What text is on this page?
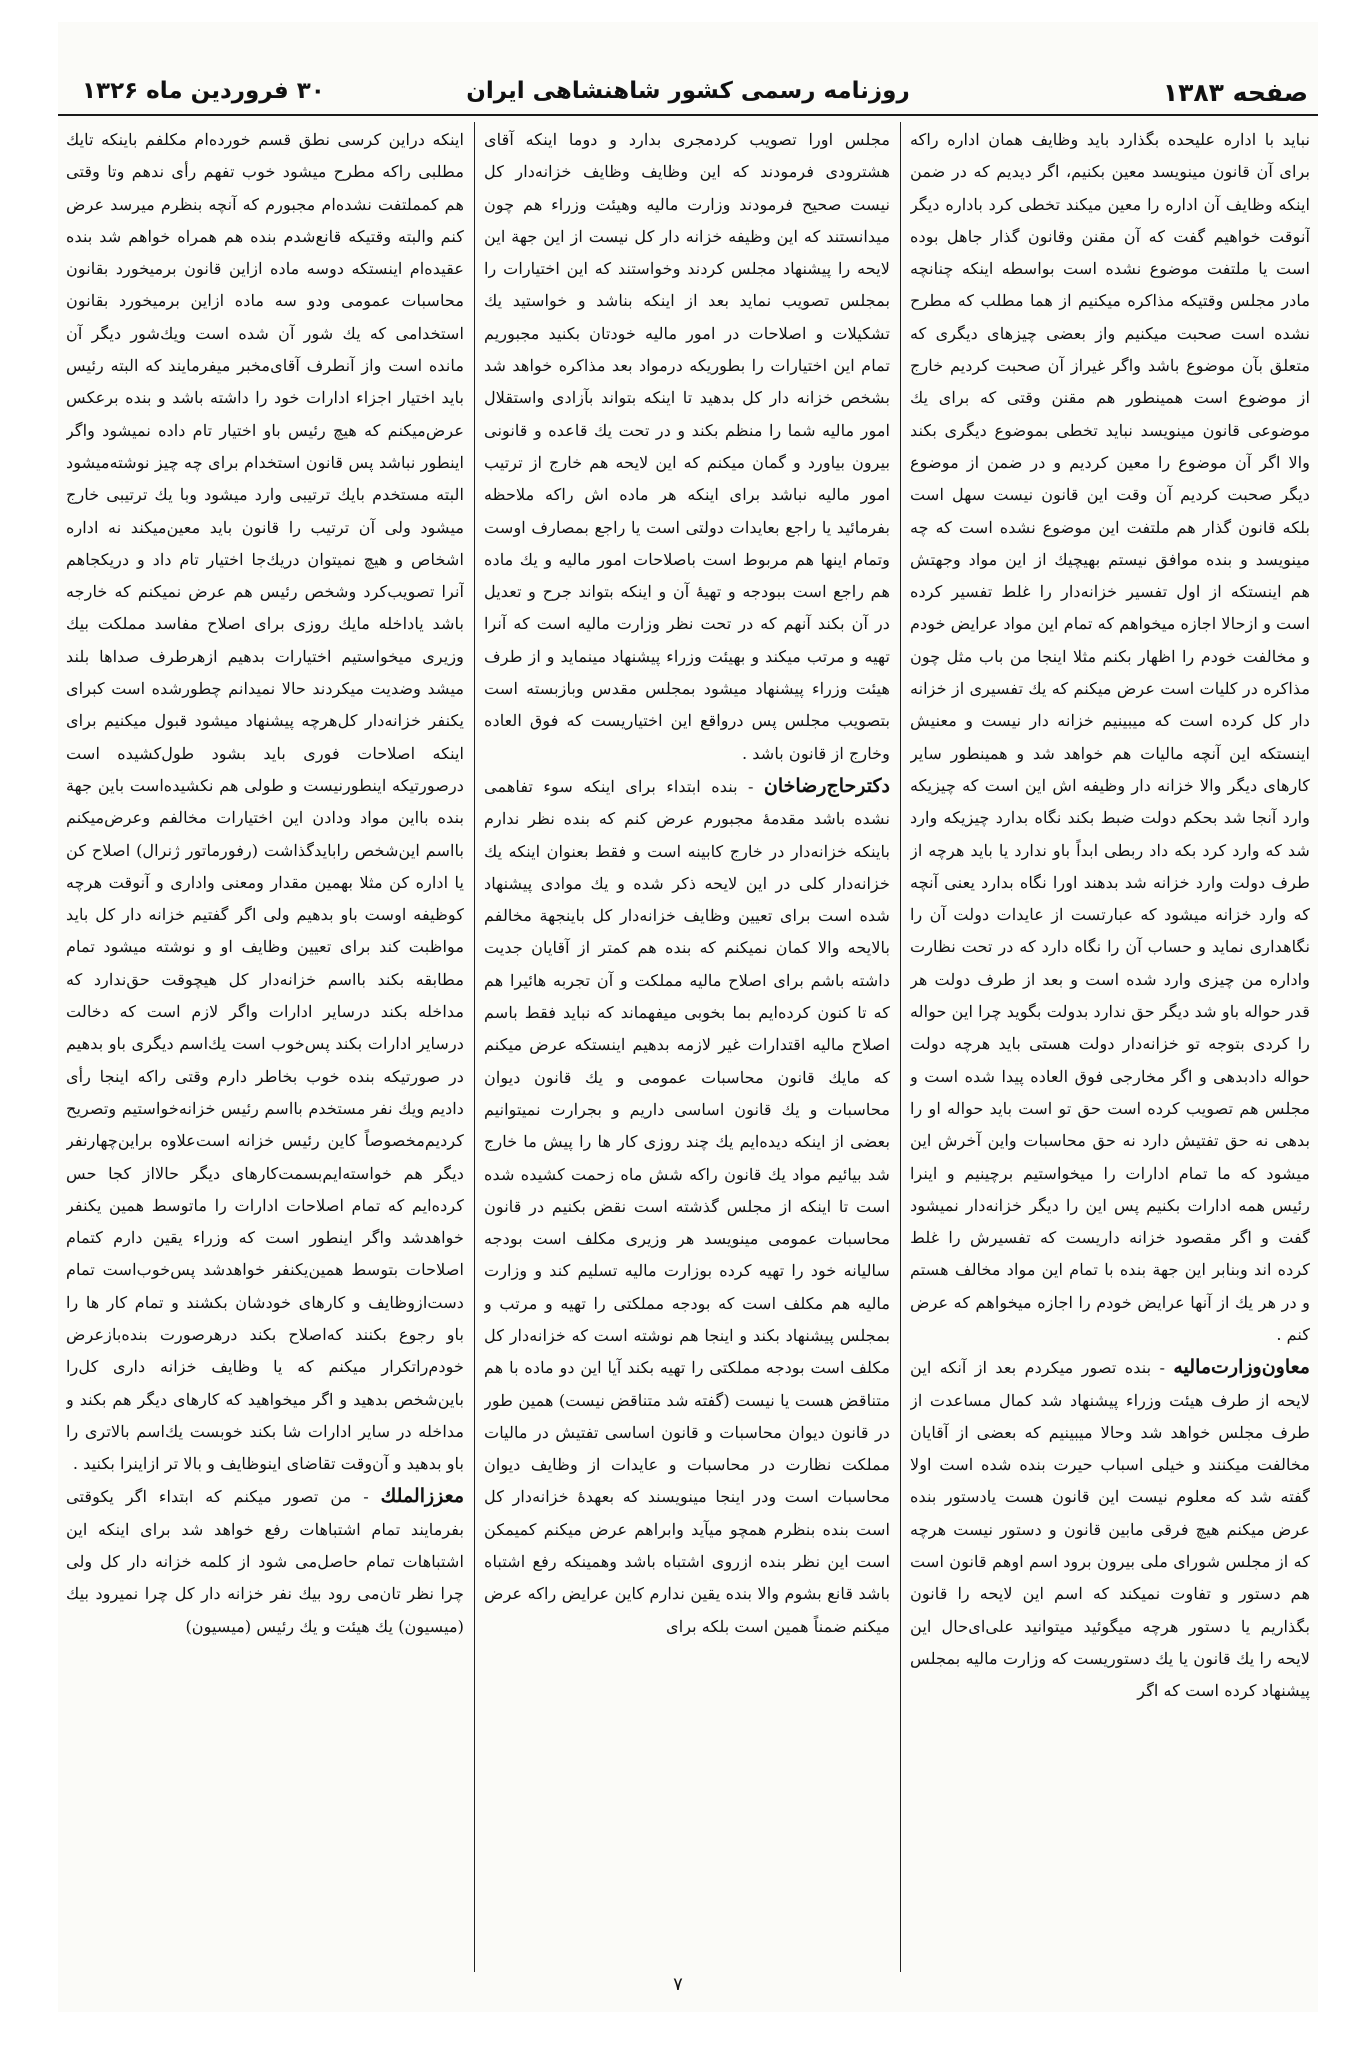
صفحه ۱۳۸۳
روزنامه رسمی کشور شاهنشاهی ایران
۳۰ فروردین ماه ۱۳۲۶

نباید با اداره علیحده بگذارد باید وظایف همان اداره راکه برای آن قانون مینویسد معین بکنیم، اگر دیدیم که در ضمن اینکه وظایف آن اداره را معین میکند تخطی کرد باداره دیگر آنوقت خواهیم گفت که آن مقنن وقانون گذار جاهل بوده است یا ملتفت موضوع نشده است بواسطه اینکه چنانچه مادر مجلس وقتیکه مذاکره میکنیم از هما مطلب که مطرح نشده است صحبت میکنیم واز بعضی چیزهای دیگری که متعلق بآن موضوع باشد واگر غیراز آن صحبت کردیم خارج از موضوع است همینطور هم مقنن وقتی که برای یك موضوعی قانون مینویسد نباید تخطی بموضوع دیگری بکند والا اگر آن موضوع را معین کردیم و در ضمن از موضوع دیگر صحبت کردیم آن وقت این قانون نیست سهل است بلکه قانون گذار هم ملتفت این موضوع نشده است که چه مینویسد و بنده موافق نیستم بهیچیك از این مواد وجهتش هم اینستکه از اول تفسیر خزانه‌دار را غلط تفسیر کرده است و ازحالا اجازه میخواهم که تمام این مواد عرایض خودم و مخالفت خودم را اظهار بکنم مثلا اینجا من باب مثل چون مذاکره در کلیات است عرض میکنم که یك تفسیری از خزانه دار کل کرده است که میبینیم خزانه دار نیست و معنیش اینستکه این آنچه مالیات هم خواهد شد و همینطور سایر کارهای دیگر والا خزانه دار وظیفه اش این است که چیزیکه وارد آنجا شد بحکم دولت ضبط بکند نگاه بدارد چیزیکه وارد شد که وارد کرد بکه داد ربطی ابداً باو ندارد یا باید هرچه از طرف دولت وارد خزانه شد بدهند اورا نگاه بدارد یعنی آنچه که وارد خزانه میشود که عبارتست از عایدات دولت آن را نگاهداری نماید و حساب آن را نگاه دارد که در تحت نظارت واداره من چیزی وارد شده است و بعد از طرف دولت هر قدر حواله باو شد دیگر حق ندارد بدولت بگوید چرا این حواله را کردی بتوجه تو خزانه‌دار دولت هستی باید هرچه دولت حواله دادبدهی و اگر مخارجی فوق العاده پیدا شده است و مجلس هم تصویب کرده است حق تو است باید حواله او را بدهی نه حق تفتیش دارد نه حق محاسبات واین آخرش این میشود که ما تمام ادارات را میخواستیم برچینیم و اینرا رئیس همه ادارات بکنیم پس این را دیگر خزانه‌دار نمیشود گفت و اگر مقصود خزانه داریست که تفسیرش را غلط کرده اند وبنابر این جهة بنده با تمام این مواد مخالف هستم و در هر یك از آنها عرایض خودم را اجازه میخواهم که عرض کنم .

معاون‌وزارت‌مالیه - بنده تصور میکردم بعد از آنکه این لایحه از طرف هیئت وزراء پیشنهاد شد کمال مساعدت از طرف مجلس خواهد شد وحالا میبینیم که بعضی از آقایان مخالفت میکنند و خیلی اسباب حیرت بنده شده است اولا گفته شد که معلوم نیست این قانون هست یادستور بنده عرض میکنم هیچ فرقی مابین قانون و دستور نیست هرچه که از مجلس شورای ملی بیرون برود اسم اوهم قانون است هم دستور و تفاوت نمیکند که اسم این لایحه را قانون بگذاریم یا دستور هرچه میگوئید میتوانید علی‌ای‌حال این لایحه را یك قانون یا یك دستوریست که وزارت مالیه بمجلس پیشنهاد کرده است که اگر

مجلس اورا تصویب کردمجری بدارد و دوما اینکه آقای هشترودی فرمودند که این وظایف وظایف خزانه‌دار کل نیست صحیح فرمودند وزارت مالیه وهیئت وزراء هم چون میدانستند که این وظیفه خزانه دار کل نیست از این جهة این لایحه را پیشنهاد مجلس کردند وخواستند که این اختیارات را بمجلس تصویب نماید بعد از اینکه بناشد و خواستید یك تشکیلات و اصلاحات در امور مالیه خودتان بکنید مجبوریم تمام این اختیارات را بطوریکه درمواد بعد مذاکره خواهد شد بشخص خزانه دار کل بدهید تا اینکه بتواند بآزادی واستقلال امور مالیه شما را منظم بکند و در تحت یك قاعده و قانونی بیرون بیاورد و گمان میکنم که این لایحه هم خارج از ترتیب امور مالیه نباشد برای اینکه هر ماده اش راکه ملاحظه بفرمائید یا راجع بعایدات دولتی است یا راجع بمصارف اوست وتمام اینها هم مربوط است باصلاحات امور مالیه و یك ماده هم راجع است ببودجه و تهیهٔ آن و اینکه بتواند جرح و تعدیل در آن بکند آنهم که در تحت نظر وزارت مالیه است که آنرا تهیه و مرتب میکند و بهیئت وزراء پیشنهاد مینماید و از طرف هیئت وزراء پیشنهاد میشود بمجلس مقدس وبازبسته است بتصویب مجلس پس درواقع این اختیاریست که فوق العاده وخارج از قانون باشد .

دکترحاج‌رضاخان - بنده ابتداء برای اینکه سوء تفاهمی نشده باشد مقدمهٔ مجبورم عرض کنم که بنده نظر ندارم باینکه خزانه‌دار در خارج کابینه است و فقط بعنوان اینکه یك خزانه‌دار کلی در این لایحه ذکر شده و یك موادی پیشنهاد شده است برای تعیین وظایف خزانه‌دار کل باینجهة مخالفم بالایحه والا کمان نمیکنم که بنده هم کمتر از آقایان جدیت داشته باشم برای اصلاح مالیه مملکت و آن تجربه هائیرا هم که تا کنون کرده‌ایم بما بخوبی میفهماند که نباید فقط باسم اصلاح مالیه اقتدارات غیر لازمه بدهیم اینستکه عرض میکنم که مایك قانون محاسبات عمومی و یك قانون دیوان محاسبات و یك قانون اساسی داریم و بجرارت نمیتوانیم بعضی از اینکه دیده‌ایم یك چند روزی کار ها را پیش ما خارج شد بیائیم مواد یك قانون راکه شش ماه زحمت کشیده شده است تا اینکه از مجلس گذشته است نقض بکنیم در قانون محاسبات عمومی مینویسد هر وزیری مکلف است بودجه سالیانه خود را تهیه کرده بوزارت مالیه تسلیم کند و وزارت مالیه هم مکلف است که بودجه مملکتی را تهیه و مرتب و بمجلس پیشنهاد بکند و اینجا هم نوشته است که خزانه‌دار کل مکلف است بودجه مملکتی را تهیه بکند آیا این دو ماده با هم متناقض هست یا نیست (گفته شد متناقض نیست) همین طور در قانون دیوان محاسبات و قانون اساسی تفتیش در مالیات مملکت نظارت در محاسبات و عایدات از وظایف دیوان محاسبات است ودر اینجا مینویسند که بعهدهٔ خزانه‌دار کل است بنده بنظرم همچو میآید وابراهم عرض میکنم کمیمکن است این نظر بنده ازروی اشتباه باشد وهمینکه رفع اشتباه باشد قانع بشوم والا بنده یقین ندارم کاین عرایض راکه عرض میکنم ضمناً همین است بلکه برای

اینکه دراین کرسی نطق قسم خورده‌ام مکلفم باینکه تایك مطلبی راکه مطرح میشود خوب تفهم رأی ندهم وتا وقتی هم کمملتفت نشده‌ام مجبورم که آنچه بنظرم میرسد عرض کنم والبته وقتیکه قانع‌شدم بنده هم همراه خواهم شد بنده عقیده‌ام اینستکه دوسه ماده ازاین قانون برمیخورد بقانون محاسبات عمومی ودو سه ماده ازاین برمیخورد بقانون استخدامی که یك شور آن شده است ویك‌شور دیگر آن مانده است واز آنطرف آقای‌مخبر میفرمایند که البته رئیس باید اختیار اجزاء ادارات خود را داشته باشد و بنده برعکس عرض‌میکنم که هیچ رئیس باو اختیار تام داده نمیشود واگر اینطور نباشد پس قانون استخدام برای چه چیز نوشته‌میشود البته مستخدم بایك ترتیبی وارد میشود وبا یك ترتیبی خارج میشود ولی آن ترتیب را قانون باید معین‌میکند نه اداره اشخاص و هیچ نمیتوان دریك‌جا اختیار تام داد و دریکجاهم آنرا تصویب‌کرد وشخص رئیس هم عرض نمیکنم که خارجه باشد یاداخله مایك روزی برای اصلاح مفاسد مملکت بیك وزیری میخواستیم اختیارات بدهیم ازهرطرف صداها بلند میشد وضدیت میکردند حالا نمیدانم چطورشده است کبرای یکنفر خزانه‌دار کل‌هرچه پیشنهاد میشود قبول میکنیم برای اینکه اصلاحات فوری باید بشود طول‌کشیده است درصورتیکه اینطورنیست و طولی هم نکشیده‌است باین جهة بنده بااین مواد ودادن این اختیارات مخالفم وعرض‌میکنم بااسم این‌شخص رابایدگذاشت (رفورماتور ژنرال) اصلاح کن یا اداره کن مثلا بهمین مقدار ومعنی واداری و آنوقت هرچه کوظیفه اوست باو بدهیم ولی اگر گفتیم خزانه دار کل باید مواظبت کند برای تعیین وظایف او و نوشته میشود تمام مطابقه بکند بااسم خزانه‌دار کل هیچوقت حق‌ندارد که مداخله بکند درسایر ادارات واگر لازم است که دخالت درسایر ادارات بکند پس‌خوب است یك‌اسم دیگری باو بدهیم در صورتیکه بنده خوب بخاطر دارم وقتی راکه اینجا رأی دادیم ویك نفر مستخدم بااسم رئیس خزانه‌خواستیم وتصریح کردیم‌مخصوصاً کاین رئیس خزانه است‌علاوه براین‌چهارنفر دیگر هم خواسته‌ایم‌بسمت‌کارهای دیگر حالااز کجا حس کرده‌ایم که تمام اصلاحات ادارات را ماتوسط همین یکنفر خواهدشد واگر اینطور است که وزراء یقین دارم کتمام اصلاحات بتوسط همین‌یکنفر خواهدشد پس‌خوب‌است تمام دست‌ازوظایف و کارهای خودشان بکشند و تمام کار ها را باو رجوع بکنند که‌اصلاح بکند درهرصورت بنده‌بازعرض خودم‌راتکرار میکنم که یا وظایف خزانه داری کل‌را باین‌شخص بدهید و اگر میخواهید که کارهای دیگر هم بکند و مداخله در سایر ادارات شا بکند خوبست یك‌اسم بالاتری را باو بدهید و آن‌وقت تقاضای اینوظایف و بالا تر ازاینرا بکنید .

معززالملك - من تصور میکنم که ابتداء اگر یکوقتی بفرمایند تمام اشتباهات رفع خواهد شد برای اینکه این اشتباهات تمام حاصل‌می شود از کلمه خزانه دار کل ولی چرا نظر تان‌می رود بیك نفر خزانه دار کل چرا نمیرود بیك (میسیون) یك هیئت و یك رئیس (میسیون)

۷
